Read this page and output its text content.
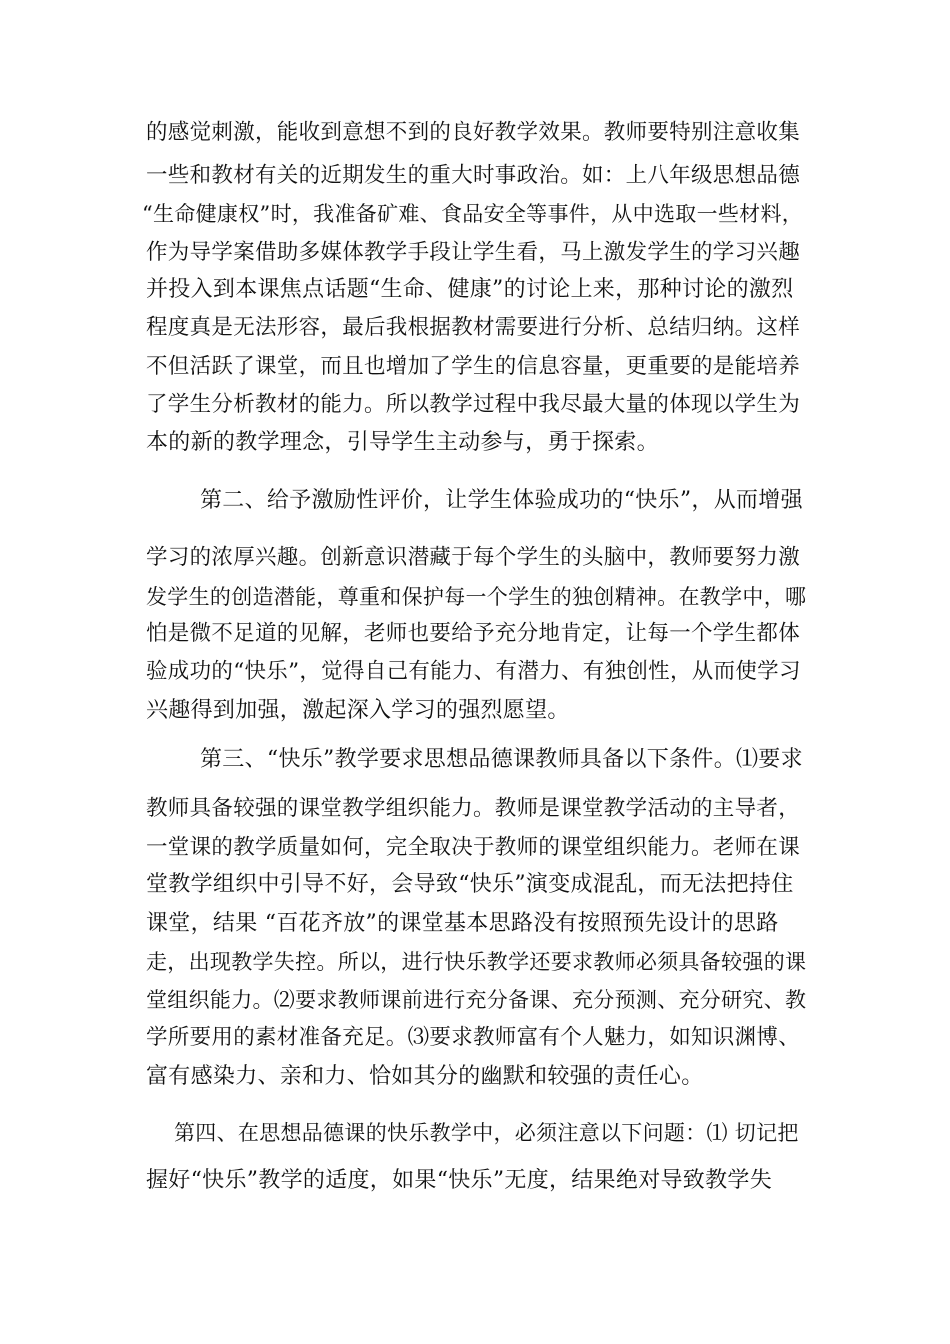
的感觉刺激，能收到意想不到的良好教学效果。教师要特别注意收集
一些和教材有关的近期发生的重大时事政治。如：上八年级思想品德
“生命健康权”时，我准备矿难、食品安全等事件，从中选取一些材料，
作为导学案借助多媒体教学手段让学生看，马上激发学生的学习兴趣
并投入到本课焦点话题“生命、健康”的讨论上来，那种讨论的激烈
程度真是无法形容，最后我根据教材需要进行分析、总结归纳。这样
不但活跃了课堂，而且也增加了学生的信息容量，更重要的是能培养
了学生分析教材的能力。所以教学过程中我尽最大量的体现以学生为
本的新的教学理念，引导学生主动参与，勇于探索。
第二、给予激励性评价，让学生体验成功的“快乐”，从而增强
学习的浓厚兴趣。创新意识潜藏于每个学生的头脑中，教师要努力激
发学生的创造潜能，尊重和保护每一个学生的独创精神。在教学中，哪
怕是微不足道的见解，老师也要给予充分地肯定，让每一个学生都体
验成功的“快乐”，觉得自己有能力、有潜力、有独创性，从而使学习
兴趣得到加强，激起深入学习的强烈愿望。
第三、“快乐”教学要求思想品德课教师具备以下条件。⑴要求
教师具备较强的课堂教学组织能力。教师是课堂教学活动的主导者，
一堂课的教学质量如何，完全取决于教师的课堂组织能力。老师在课
堂教学组织中引导不好，会导致“快乐”演变成混乱，而无法把持住
课堂，结果 “百花齐放”的课堂基本思路没有按照预先设计的思路
走，出现教学失控。所以，进行快乐教学还要求教师必须具备较强的课
堂组织能力。⑵要求教师课前进行充分备课、充分预测、充分研究、教
学所要用的素材准备充足。⑶要求教师富有个人魅力，如知识渊博、
富有感染力、亲和力、恰如其分的幽默和较强的责任心。
第四、在思想品德课的快乐教学中，必须注意以下问题：⑴ 切记把
握好“快乐”教学的适度，如果“快乐”无度，结果绝对导致教学失
